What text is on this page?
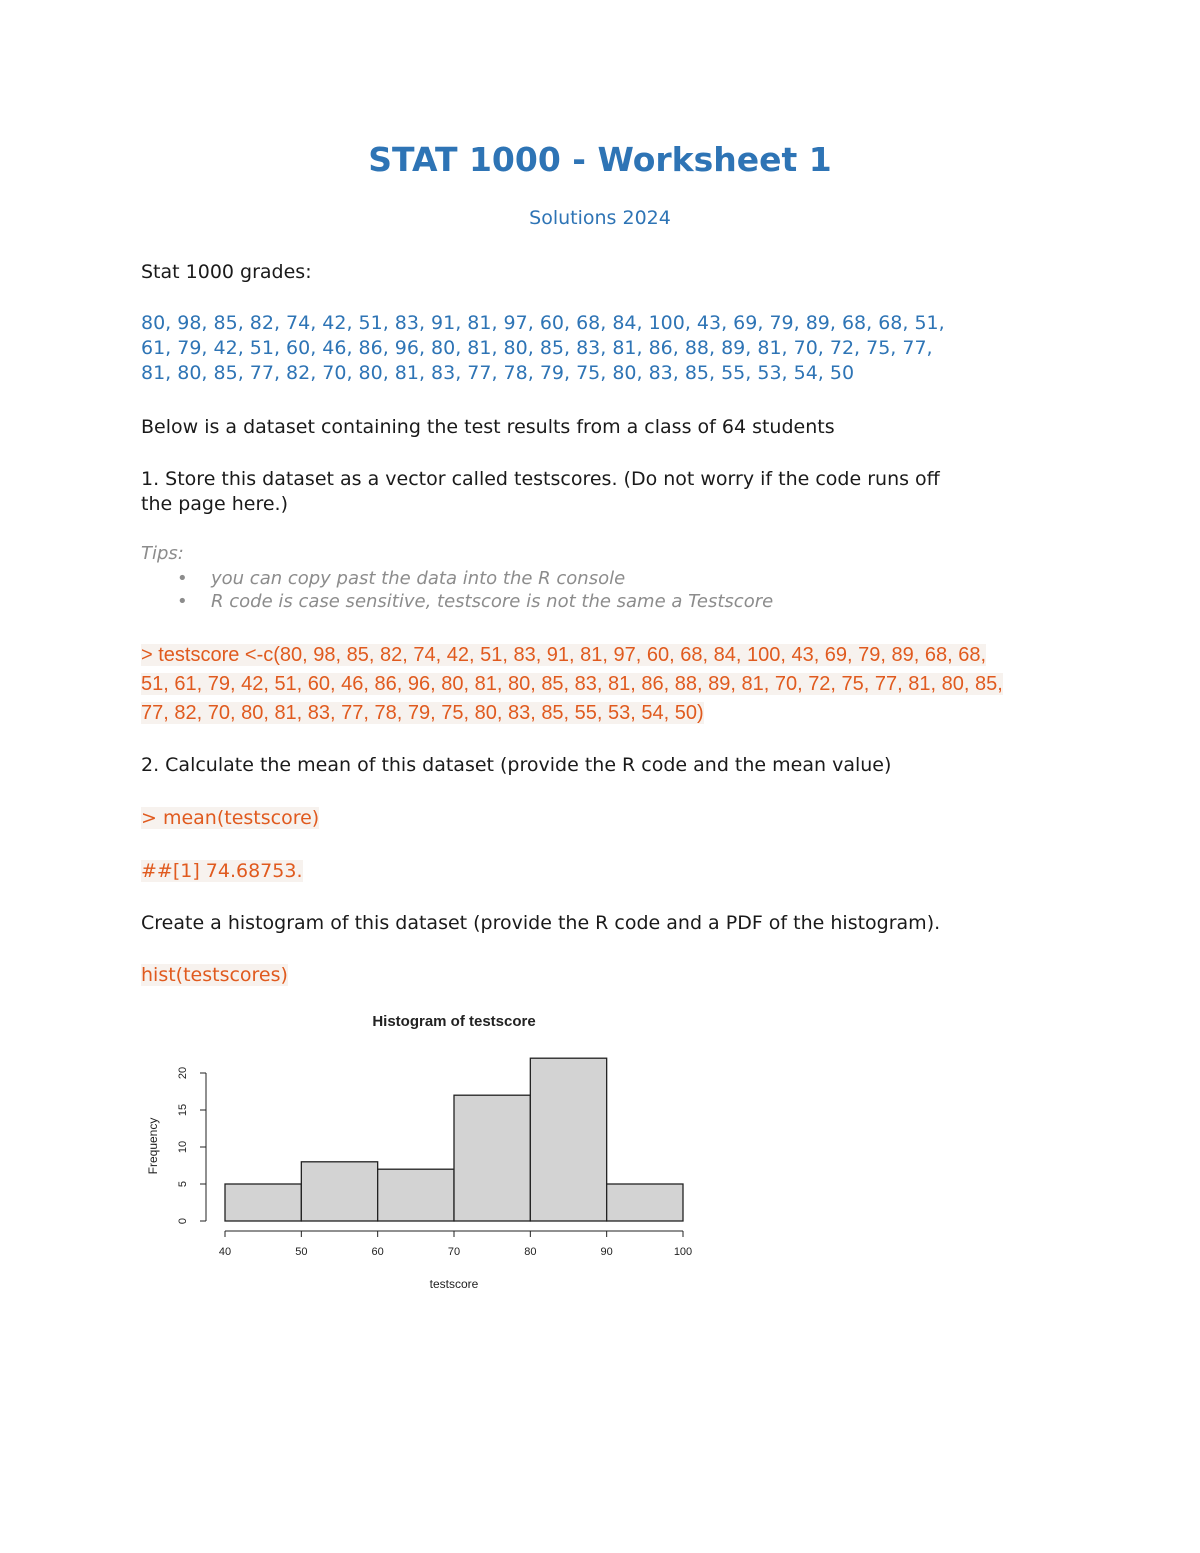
STAT 1000 - Worksheet 1

Solutions 2024

Stat 1000 grades:

80, 98, 85, 82, 74, 42, 51, 83, 91, 81, 97, 60, 68, 84, 100, 43, 69, 79, 89, 68, 68, 51,

61, 79, 42, 51, 60, 46, 86, 96, 80, 81, 80, 85, 83, 81, 86, 88, 89, 81, 70, 72, 75, 77,

81, 80, 85, 77, 82, 70, 80, 81, 83, 77, 78, 79, 75, 80, 83, 85, 55, 53, 54, 50

Below is a dataset containing the test results from a class of 64 students

1. Store this dataset as a vector called testscores. (Do not worry if the code runs off

the page here.)

Tips:

• you can copy past the data into the R console
• R code is case sensitive, testscore is not the same a Testscore
> testscore <-c(80, 98, 85, 82, 74, 42, 51, 83, 91, 81, 97, 60, 68, 84, 100, 43, 69, 79, 89, 68, 68,
51, 61, 79, 42, 51, 60, 46, 86, 96, 80, 81, 80, 85, 83, 81, 86, 88, 89, 81, 70, 72, 75, 77, 81, 80, 85,
77, 82, 70, 80, 81, 83, 77, 78, 79, 75, 80, 83, 85, 55, 53, 54, 50)

2. Calculate the mean of this dataset (provide the R code and the mean value)

> mean(testscore)

##[1] 74.68753.

Create a histogram of this dataset (provide the R code and a PDF of the histogram).

hist(testscores)

40	50	60	70	80	90	100
0
5
10
15
20
Histogram of testscore
testscore
Frequency
